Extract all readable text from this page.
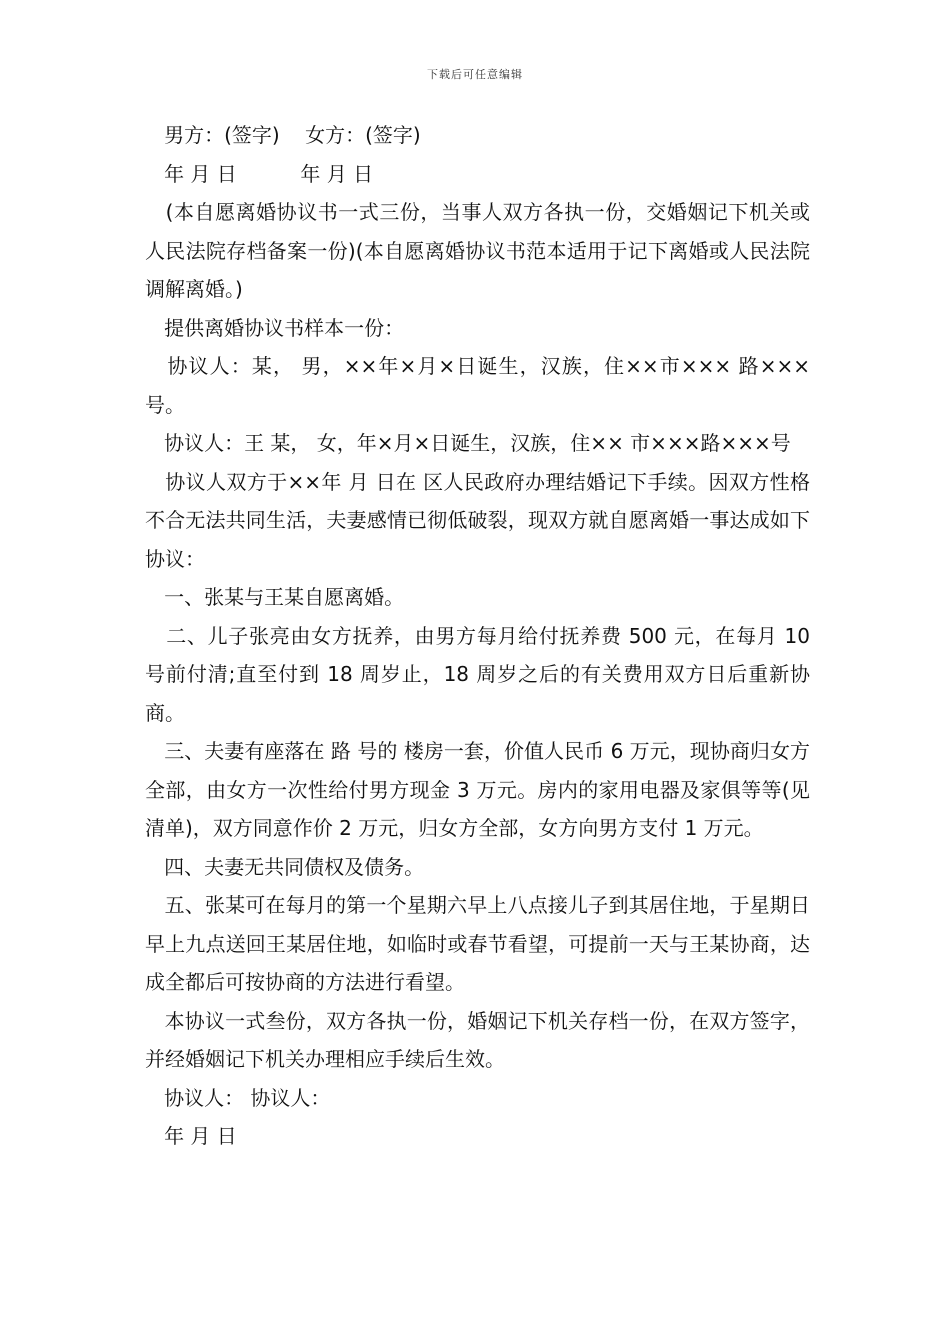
下载后可任意编辑

男方：(签字)    女方：(签字)

年 月 日          年 月 日

(本自愿离婚协议书一式三份，当事人双方各执一份，交婚姻记下机关或人民法院存档备案一份)(本自愿离婚协议书范本适用于记下离婚或人民法院调解离婚。)

提供离婚协议书样本一份：

协议人：某， 男，××年×月×日诞生，汉族，住××市××× 路×××号。

协议人：王 某， 女，年×月×日诞生，汉族，住×× 市×××路×××号

协议人双方于××年 月 日在 区人民政府办理结婚记下手续。因双方性格不合无法共同生活，夫妻感情已彻低破裂，现双方就自愿离婚一事达成如下协议：

一、张某与王某自愿离婚。

二、儿子张亮由女方抚养，由男方每月给付抚养费 500 元，在每月 10 号前付清;直至付到 18 周岁止，18 周岁之后的有关费用双方日后重新协商。

三、夫妻有座落在 路 号的 楼房一套，价值人民币 6 万元，现协商归女方全部，由女方一次性给付男方现金 3 万元。房内的家用电器及家俱等等(见清单)，双方同意作价 2 万元，归女方全部，女方向男方支付 1 万元。

四、夫妻无共同债权及债务。

五、张某可在每月的第一个星期六早上八点接儿子到其居住地，于星期日早上九点送回王某居住地，如临时或春节看望，可提前一天与王某协商，达成全都后可按协商的方法进行看望。

本协议一式叁份，双方各执一份，婚姻记下机关存档一份，在双方签字，并经婚姻记下机关办理相应手续后生效。

协议人： 协议人：

年 月 日
